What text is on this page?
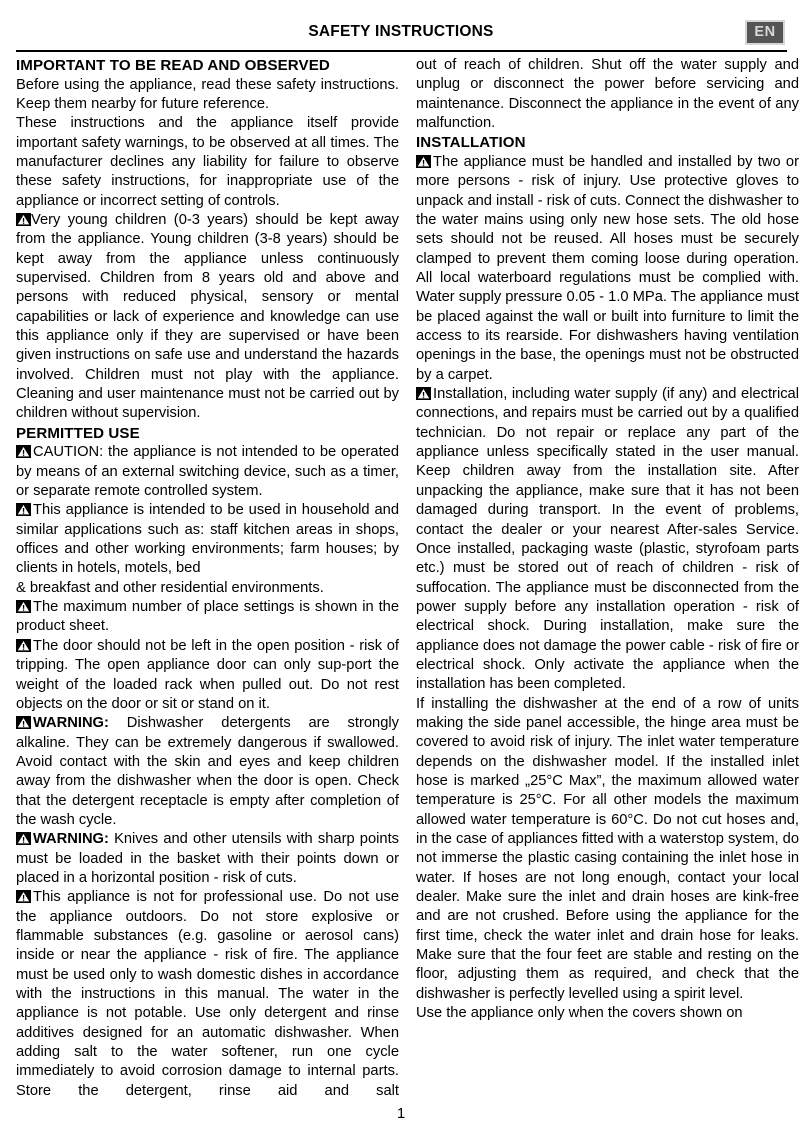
SAFETY INSTRUCTIONS	EN
IMPORTANT TO BE READ AND OBSERVED

Before using the appliance, read these safety instructions. Keep them nearby for future reference.

These instructions and the appliance itself provide important safety warnings, to be observed at all times. The manufacturer declines any liability for failure to observe these safety instructions, for inappropriate use of the appliance or incorrect setting of controls.

Very young children (0-3 years) should be kept away from the appliance. Young children (3-8 years) should be kept away from the appliance unless continuously supervised. Children from 8 years old and above and persons with reduced physical, sensory or mental capabilities or lack of experience and knowledge can use this appliance only if they are supervised or have been given instructions on safe use and understand the hazards involved. Children must not play with the appliance. Cleaning and user maintenance must not be carried out by children without supervision.

PERMITTED USE

CAUTION: the appliance is not intended to be operated by means of an external switching device, such as a timer, or separate remote controlled system.

This appliance is intended to be used in household and similar applications such as: staff kitchen areas in shops, offices and other working environments; farm houses; by clients in hotels, motels, bed

& breakfast and other residential environments.

The maximum number of place settings is shown in the product sheet.

The door should not be left in the open position - risk of tripping. The open appliance door can only sup-port the weight of the loaded rack when pulled out. Do not rest objects on the door or sit or stand on it.

WARNING: Dishwasher detergents are strongly alkaline. They can be extremely dangerous if swallowed. Avoid contact with the skin and eyes and keep children away from the dishwasher when the door is open. Check that the detergent receptacle is empty after completion of the wash cycle.

WARNING: Knives and other utensils with sharp points must be loaded in the basket with their points down or placed in a horizontal position - risk of cuts.

This appliance is not for professional use. Do not use the appliance outdoors. Do not store explosive or flammable substances (e.g. gasoline or aerosol cans) inside or near the appliance - risk of fire. The appliance must be used only to wash domestic dishes in accordance with the instructions in this manual. The water in the appliance is not potable. Use only detergent and rinse additives designed for an automatic dishwasher. When adding salt to the water softener, run one cycle immediately to avoid corrosion damage to internal parts. Store the detergent, rinse aid and salt

out of reach of children. Shut off the water supply and unplug or disconnect the power before servicing and maintenance. Disconnect the appliance in the event of any malfunction.

INSTALLATION

The appliance must be handled and installed by two or more persons - risk of injury. Use protective gloves to unpack and install - risk of cuts. Connect the dishwasher to the water mains using only new hose sets. The old hose sets should not be reused. All hoses must be securely clamped to prevent them coming loose during operation. All local waterboard regulations must be complied with. Water supply pressure 0.05 - 1.0 MPa. The appliance must be placed against the wall or built into furniture to limit the access to its rearside. For dishwashers having ventilation openings in the base, the openings must not be obstructed by a carpet.

Installation, including water supply (if any) and electrical connections, and repairs must be carried out by a qualified technician. Do not repair or replace any part of the appliance unless specifically stated in the user manual. Keep children away from the installation site. After unpacking the appliance, make sure that it has not been damaged during transport. In the event of problems, contact the dealer or your nearest After-sales Service. Once installed, packaging waste (plastic, styrofoam parts etc.) must be stored out of reach of children - risk of suffocation. The appliance must be disconnected from the power supply before any installation operation - risk of electrical shock. During installation, make sure the appliance does not damage the power cable - risk of fire or electrical shock. Only activate the appliance when the installation has been completed.

If installing the dishwasher at the end of a row of units making the side panel accessible, the hinge area must be covered to avoid risk of injury. The inlet water temperature depends on the dishwasher model. If the installed inlet hose is marked „25°C Max”, the maximum allowed water temperature is 25°C. For all other models the maximum allowed water temperature is 60°C. Do not cut hoses and, in the case of appliances fitted with a waterstop system, do not immerse the plastic casing containing the inlet hose in water. If hoses are not long enough, contact your local dealer. Make sure the inlet and drain hoses are kink-free and are not crushed. Before using the appliance for the first time, check the water inlet and drain hose for leaks. Make sure that the four feet are stable and resting on the floor, adjusting them as required, and check that the dishwasher is perfectly levelled using a spirit level.

Use the appliance only when the covers shown on

1
